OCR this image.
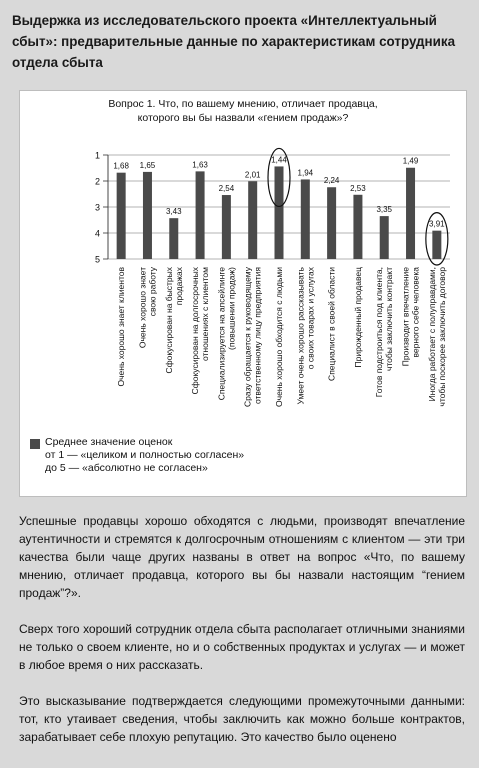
Выдержка из исследовательского проекта «Интеллектуальный сбыт»: предварительные данные по характеристикам сотрудника отдела сбыта
Вопрос 1. Что, по вашему мнению, отличает продавца,
которого вы бы назвали «гением продаж»?
1
2
3
4
5
1,68
Очень хорошо знает клиентов
1,65
Очень хорошо знает свою работу
3,43
Сфокусирован на быстрых продажах
1,63
Сфокусирован на долгосрочных отношениях с клиентом
2,54
Специализируется на апсейлинге (повышении продаж)
2,01
Сразу обращается к руководящему ответственному лицу предприятия
1,44
Очень хорошо обходится с людьми
1,94
Умеет очень хорошо рассказывать о своих товарах и услугах
2,24
Специалист в своей области
2,53
Прирожденный продавец
3,35
Готов подстроиться под клиента, чтобы заключить контракт
1,49
Производит впечатление верного себе человека
3,91
Иногда работает с полуправдами, чтобы поскорее заключить договор
Среднее значение оценок
от 1 — «целиком и полностью согласен»
до 5 — «абсолютно не согласен»
Успешные продавцы хорошо обходятся с людьми, производят впечатление аутентичности и стремятся к долгосрочным отношениям с клиентом — эти три качества были чаще других названы в ответ на вопрос «Что, по вашему мнению, отличает продавца, которого вы бы назвали настоящим “гением продаж”?».
Сверх того хороший сотрудник отдела сбыта располагает отличными знаниями не только о своем клиенте, но и о собственных продуктах и услугах — и может в любое время о них рассказать.
Это высказывание подтверждается следующими промежуточными данными: тот, кто утаивает сведения, чтобы заключить как можно больше контрактов, зарабатывает себе плохую репутацию. Это качество было оценено
